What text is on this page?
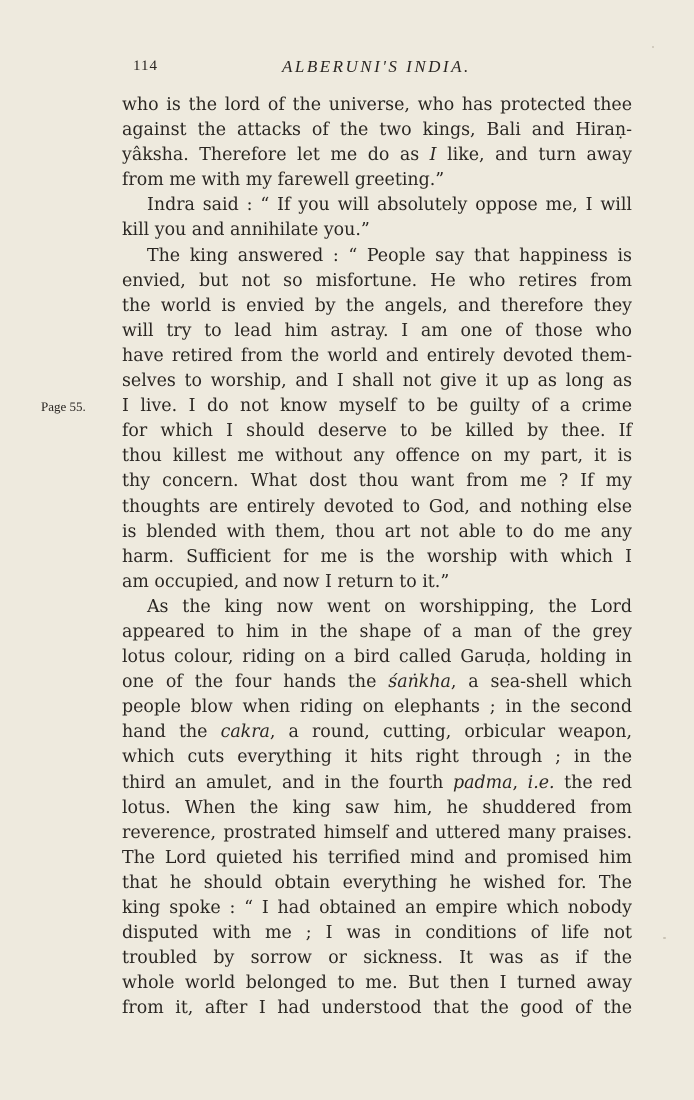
114	ALBERUNI'S INDIA.
Page 55.
who is the lord of the universe, who has protected thee
against the attacks of the two kings, Bali and Hiraṇ-
yâksha. Therefore let me do as I like, and turn away
from me with my farewell greeting.”
Indra said : “ If you will absolutely oppose me, I will
kill you and annihilate you.”
The king answered : “ People say that happiness is
envied, but not so misfortune. He who retires from
the world is envied by the angels, and therefore they
will try to lead him astray. I am one of those who
have retired from the world and entirely devoted them-
selves to worship, and I shall not give it up as long as
I live. I do not know myself to be guilty of a crime
for which I should deserve to be killed by thee. If
thou killest me without any offence on my part, it is
thy concern. What dost thou want from me ? If my
thoughts are entirely devoted to God, and nothing else
is blended with them, thou art not able to do me any
harm. Sufficient for me is the worship with which I
am occupied, and now I return to it.”
As the king now went on worshipping, the Lord
appeared to him in the shape of a man of the grey
lotus colour, riding on a bird called Garuḍa, holding in
one of the four hands the śaṅkha, a sea-shell which
people blow when riding on elephants ; in the second
hand the cakra, a round, cutting, orbicular weapon,
which cuts everything it hits right through ; in the
third an amulet, and in the fourth padma, i.e. the red
lotus. When the king saw him, he shuddered from
reverence, prostrated himself and uttered many praises.
The Lord quieted his terrified mind and promised him
that he should obtain everything he wished for. The
king spoke : “ I had obtained an empire which nobody
disputed with me ; I was in conditions of life not
troubled by sorrow or sickness. It was as if the
whole world belonged to me. But then I turned away
from it, after I had understood that the good of the
